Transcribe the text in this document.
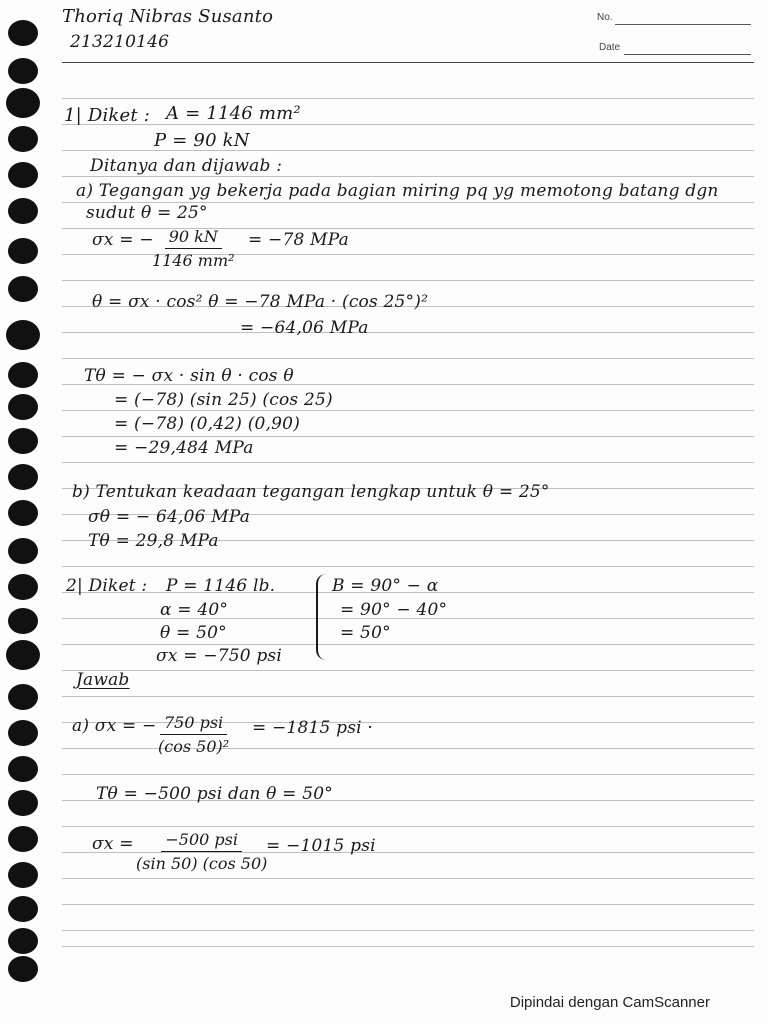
No.
Date
Thoriq Nibras Susanto
213210146
1| Diket : A = 1146 mm²
P = 90 kN
Ditanya dan dijawab :
a) Tegangan yg bekerja pada bagian miring pq yg memotong batang dgn
sudut θ = 25°
σx = −
$\frac{90 kN}{\text{1146 mm²}} = -78$ MPa
θ = σx · cos² θ = −78 MPa · (cos 25°)²
= −64,06 MPa
Tθ = − σx · sin θ · cos θ
= (−78) (sin 25) (cos 25)
= (−78) (0,42) (0,90)
= −29,484 MPa
b) Tentukan keadaan tegangan lengkap untuk θ = 25°
σθ = − 64,06 MPa
Tθ = 29,8 MPa
2| Diket : P = 1146 lb.
α = 40°
θ = 50°
σx = −750 psi
B = 90° − α
= 90° − 40°
= 50°
Jawab
a) σx = − 750 psi
(cos 50)²
= −1815 psi ·
Tθ = −500 psi dan θ = 50°
σx = −500 psi
(sin 50) (cos 50)
= −1015 psi
Dipindai dengan CamScanner
